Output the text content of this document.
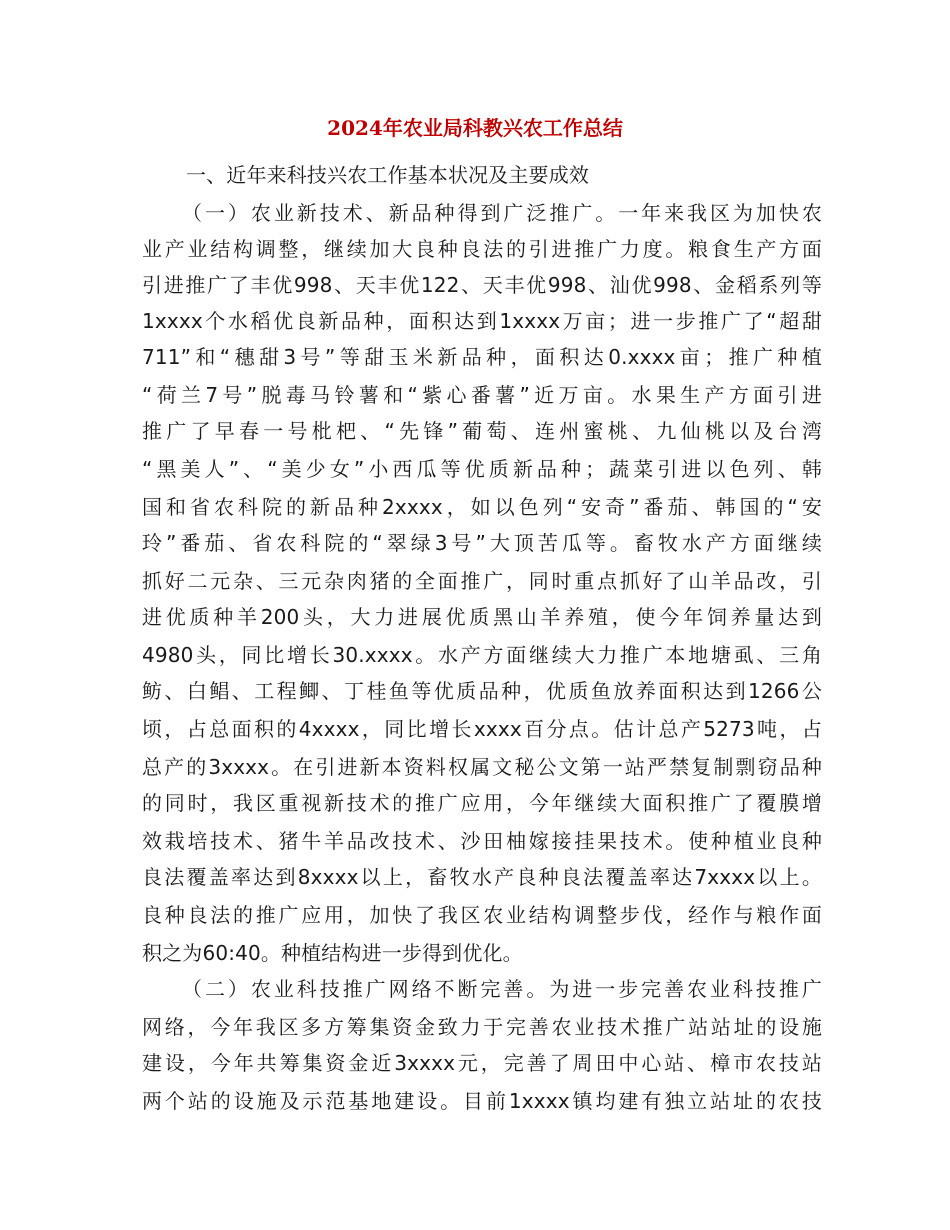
2024年农业局科教兴农工作总结
一、近年来科技兴农工作基本状况及主要成效
（一）农业新技术、新品种得到广泛推广。一年来我区为加快农
业产业结构调整，继续加大良种良法的引进推广力度。粮食生产方面
引进推广了丰优998、天丰优122、天丰优998、汕优998、金稻系列等
1xxxx个水稻优良新品种，面积达到1xxxx万亩；进一步推广了“超甜
711”和“穗甜3号”等甜玉米新品种，面积达0.xxxx亩；推广种植
“荷兰7号”脱毒马铃薯和“紫心番薯”近万亩。水果生产方面引进
推广了早春一号枇杷、“先锋”葡萄、连州蜜桃、九仙桃以及台湾
“黑美人”、“美少女”小西瓜等优质新品种；蔬菜引进以色列、韩
国和省农科院的新品种2xxxx，如以色列“安奇”番茄、韩国的“安
玲”番茄、省农科院的“翠绿3号”大顶苦瓜等。畜牧水产方面继续
抓好二元杂、三元杂肉猪的全面推广，同时重点抓好了山羊品改，引
进优质种羊200头，大力进展优质黑山羊养殖，使今年饲养量达到
4980头，同比增长30.xxxx。水产方面继续大力推广本地塘虱、三角
鲂、白鲳、工程鲫、丁桂鱼等优质品种，优质鱼放养面积达到1266公
顷，占总面积的4xxxx，同比增长xxxx百分点。估计总产5273吨，占
总产的3xxxx。在引进新本资料权属文秘公文第一站严禁复制剽窃品种
的同时，我区重视新技术的推广应用，今年继续大面积推广了覆膜增
效栽培技术、猪牛羊品改技术、沙田柚嫁接挂果技术。使种植业良种
良法覆盖率达到8xxxx以上，畜牧水产良种良法覆盖率达7xxxx以上。
良种良法的推广应用，加快了我区农业结构调整步伐，经作与粮作面
积之为60:40。种植结构进一步得到优化。
（二）农业科技推广网络不断完善。为进一步完善农业科技推广
网络，今年我区多方筹集资金致力于完善农业技术推广站站址的设施
建设，今年共筹集资金近3xxxx元，完善了周田中心站、樟市农技站
两个站的设施及示范基地建设。目前1xxxx镇均建有独立站址的农技
